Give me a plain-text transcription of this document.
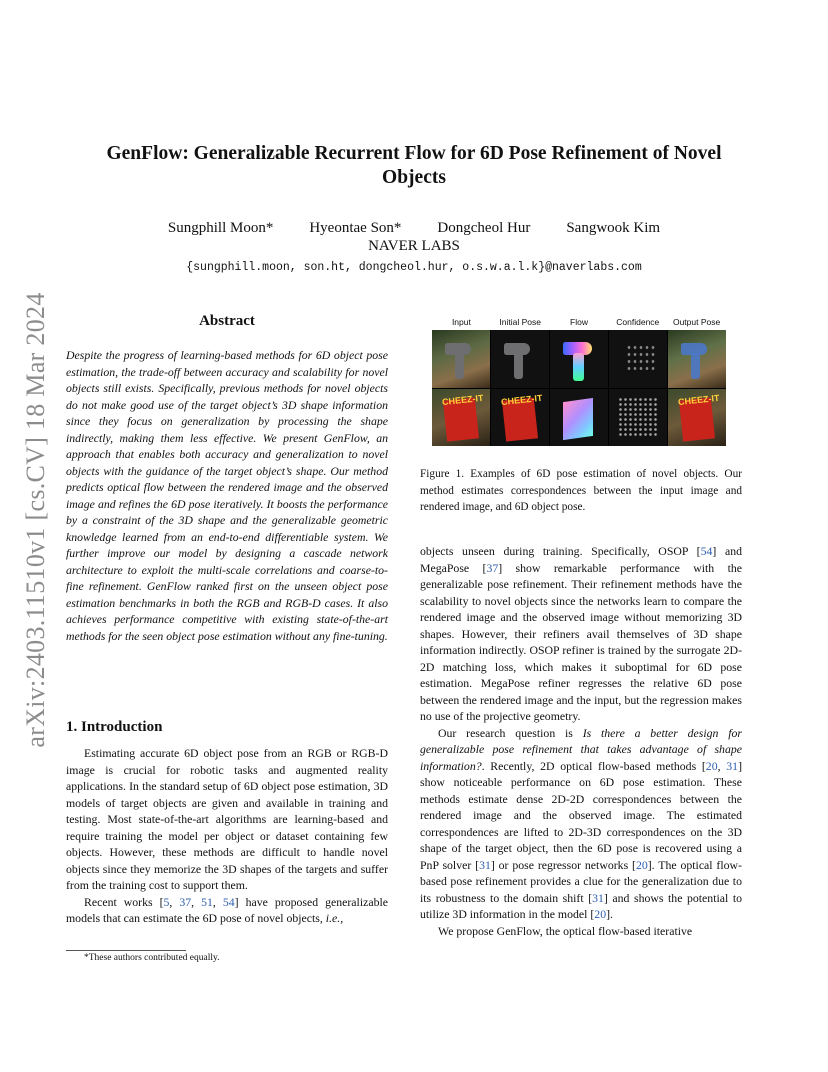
arXiv:2403.11510v1 [cs.CV] 18 Mar 2024
GenFlow: Generalizable Recurrent Flow for 6D Pose Refinement of Novel Objects
Sungphill Moon* Hyeontae Son* Dongcheol Hur Sangwook Kim
NAVER LABS
{sungphill.moon, son.ht, dongcheol.hur, o.s.w.a.l.k}@naverlabs.com
Abstract
Despite the progress of learning-based methods for 6D object pose estimation, the trade-off between accuracy and scalability for novel objects still exists. Specifically, previous methods for novel objects do not make good use of the target object’s 3D shape information since they focus on generalization by processing the shape indirectly, making them less effective. We present GenFlow, an approach that enables both accuracy and generalization to novel objects with the guidance of the target object’s shape. Our method predicts optical flow between the rendered image and the observed image and refines the 6D pose iteratively. It boosts the performance by a constraint of the 3D shape and the generalizable geometric knowledge learned from an end-to-end differentiable system. We further improve our model by designing a cascade network architecture to exploit the multi-scale correlations and coarse-to-fine refinement. GenFlow ranked first on the unseen object pose estimation benchmarks in both the RGB and RGB-D cases. It also achieves performance competitive with existing state-of-the-art methods for the seen object pose estimation without any fine-tuning.
1. Introduction

Estimating accurate 6D object pose from an RGB or RGB-D image is crucial for robotic tasks and augmented reality applications. In the standard setup of 6D object pose estimation, 3D models of target objects are given and available in training and testing. Most state-of-the-art algorithms are learning-based and require training the model per object or dataset containing few objects. However, these methods are difficult to handle novel objects since they memorize the 3D shapes of the targets and suffer from the training cost to support them.

Recent works [5, 37, 51, 54] have proposed generalizable models that can estimate the 6D pose of novel objects, i.e.,

*These authors contributed equally.
Input	Initial Pose	Flow	Confidence	Output Pose
CHEEZ-IT CHEEZ-IT	CHEEZ-IT
Figure 1. Examples of 6D pose estimation of novel objects. Our method estimates correspondences between the input image and rendered image, and 6D object pose.

objects unseen during training. Specifically, OSOP [54] and MegaPose [37] show remarkable performance with the generalizable pose refinement. Their refinement methods have the scalability to novel objects since the networks learn to compare the rendered image and the observed image without memorizing 3D shapes. However, their refiners avail themselves of 3D shape information indirectly. OSOP refiner is trained by the surrogate 2D-2D matching loss, which makes it suboptimal for 6D pose estimation. MegaPose refiner regresses the relative 6D pose between the rendered image and the input, but the regression makes no use of the projective geometry.

Our research question is Is there a better design for generalizable pose refinement that takes advantage of shape information?. Recently, 2D optical flow-based methods [20, 31] show noticeable performance on 6D pose estimation. These methods estimate dense 2D-2D correspondences between the rendered image and the observed image. The estimated correspondences are lifted to 2D-3D correspondences on the 3D shape of the target object, then the 6D pose is recovered using a PnP solver [31] or pose regressor networks [20]. The optical flow-based pose refinement provides a clue for the generalization due to its robustness to the domain shift [31] and shows the potential to utilize 3D information in the model [20].

We propose GenFlow, the optical flow-based iterative
